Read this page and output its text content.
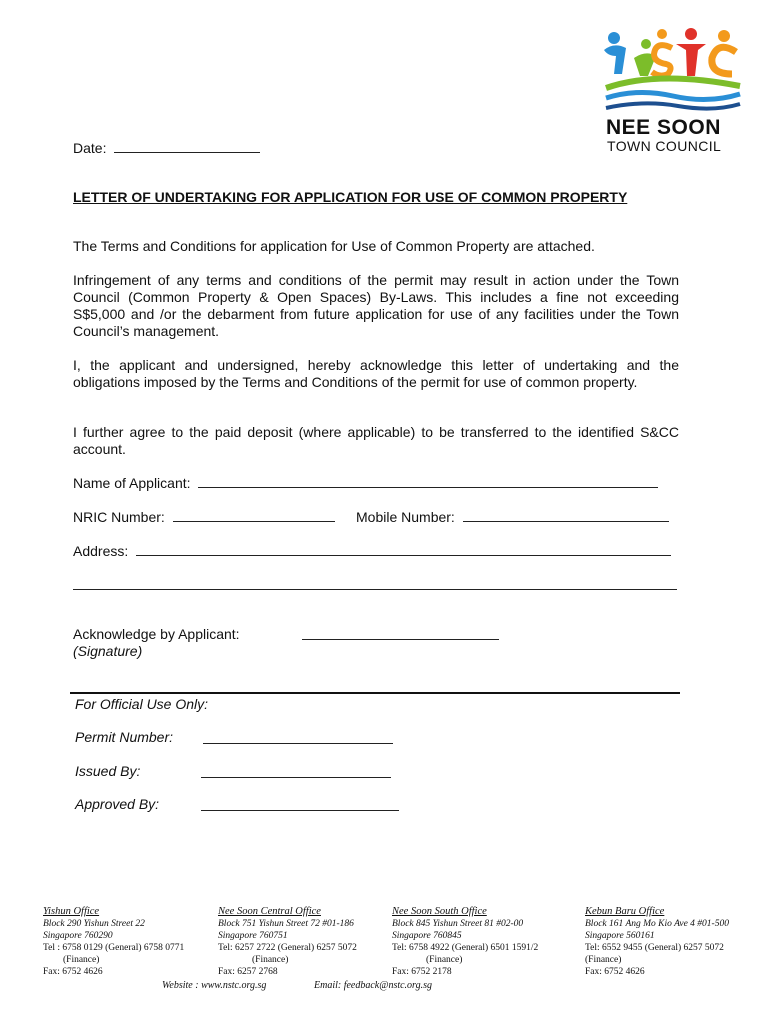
NEE SOON
TOWN COUNCIL
Date:
LETTER OF UNDERTAKING FOR APPLICATION FOR USE OF COMMON PROPERTY
The Terms and Conditions for application for Use of Common Property are attached.
Infringement of any terms and conditions of the permit may result in action under the Town Council (Common Property & Open Spaces) By-Laws. This includes a fine not exceeding S$5,000 and /or the debarment from future application for use of any facilities under the Town Council’s management.
I, the applicant and undersigned, hereby acknowledge this letter of undertaking and the obligations imposed by the Terms and Conditions of the permit for use of common property.
I further agree to the paid deposit (where applicable) to be transferred to the identified S&CC account.
Name of Applicant:
NRIC Number:	Mobile Number:
Address:
Acknowledge by Applicant:
(Signature)
For Official Use Only:
Permit Number:
Issued By:
Approved By:
Yishun Office
Block 290 Yishun Street 22
Singapore 760290
Tel : 6758 0129 (General) 6758 0771
(Finance)
Fax: 6752 4626
Nee Soon Central Office
Block 751 Yishun Street 72 #01-186
Singapore 760751
Tel: 6257 2722 (General) 6257 5072
(Finance)
Fax: 6257 2768
Nee Soon South Office
Block 845 Yishun Street 81 #02-00
Singapore 760845
Tel: 6758 4922 (General) 6501 1591/2
(Finance)
Fax: 6752 2178
Kebun Baru Office
Block 161 Ang Mo Kio Ave 4 #01-500
Singapore 560161
Tel: 6552 9455 (General) 6257 5072
(Finance)
Fax: 6752 4626
Website : www.nstc.org.sg	Email: feedback@nstc.org.sg
